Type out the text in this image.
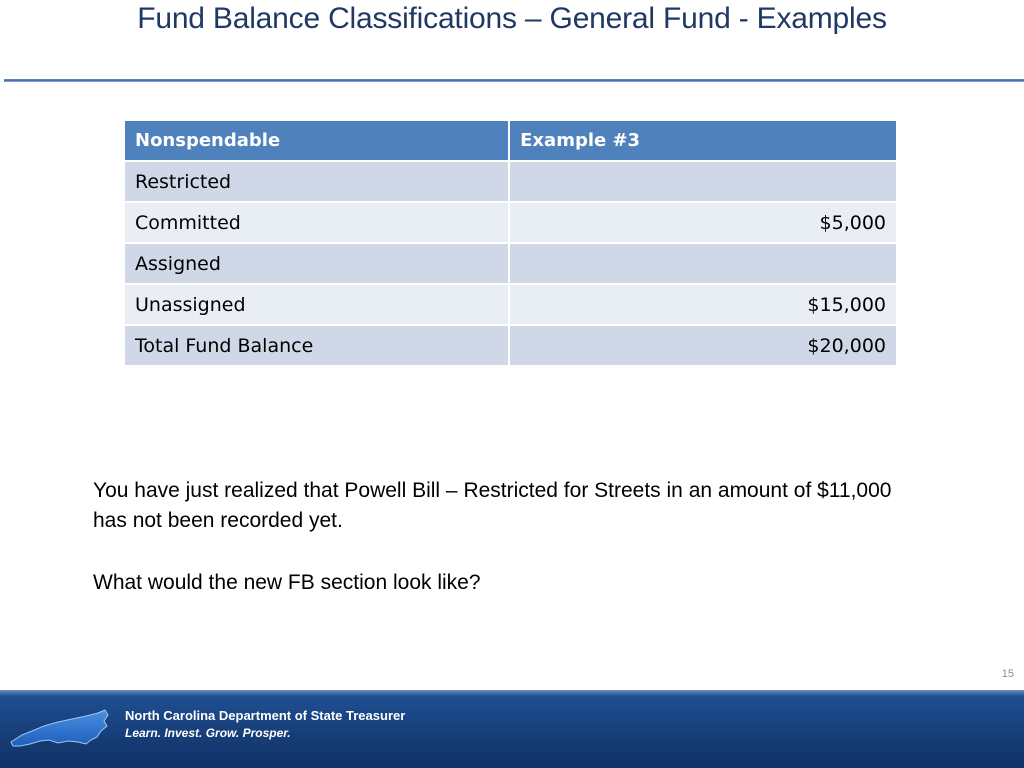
Fund Balance Classifications – General Fund - Examples
Nonspendable	Example #3
Restricted	
Committed	$5,000
Assigned	
Unassigned	$15,000
Total Fund Balance	$20,000

You have just realized that Powell Bill – Restricted for Streets in an amount of $11,000 has not been recorded yet.

What would the new FB section look like?

15
North Carolina Department of State Treasurer
Learn. Invest. Grow. Prosper.
